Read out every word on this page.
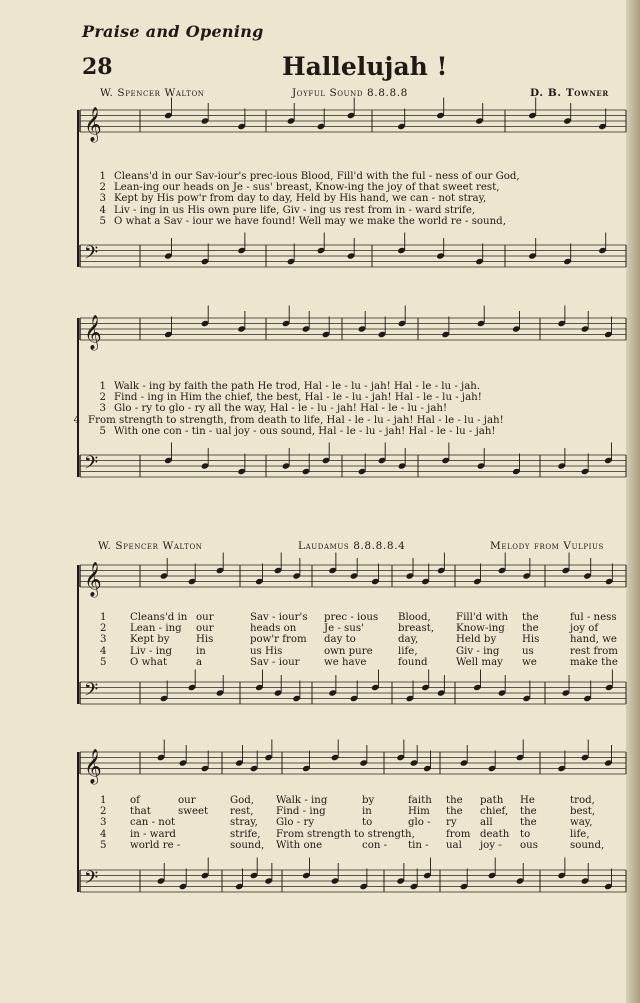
Praise and Opening
28	Hallelujah !
W. Spencer Walton	Joyful Sound 8.8.8.8	D. B. Towner
W. Spencer Walton	Laudamus 8.8.8.8.4	Melody from Vulpius
𝄞
𝄢
𝄞
𝄢
𝄞
𝄢
𝄞
𝄢
1 Cleans'd in our Sav-iour's prec-ious Blood, Fill'd with the ful - ness of our God,
2 Lean-ing our heads on Je - sus' breast, Know-ing the joy of that sweet rest,
3 Kept by His pow'r from day to day, Held by His hand, we can - not stray,
4 Liv - ing in us His own pure life, Giv - ing us rest from in - ward strife,
5 O what a Sav - iour we have found! Well may we make the world re - sound,
1 Walk - ing by faith the path He trod, Hal - le - lu - jah! Hal - le - lu - jah.
2 Find - ing in Him the chief, the best, Hal - le - lu - jah! Hal - le - lu - jah!
3 Glo - ry to glo - ry all the way, Hal - le - lu - jah! Hal - le - lu - jah!
4 From strength to strength, from death to life, Hal - le - lu - jah! Hal - le - lu - jah!
5 With one con - tin - ual joy - ous sound, Hal - le - lu - jah! Hal - le - lu - jah!
1 Cleans'd in our	Sav - iour's prec - ious Blood, Fill'd with the	ful - ness
2 Lean - ing our	heads on	Je - sus'	breast, Know-ing the	joy of
3 Kept by	His	pow'r from day to	day,	Held by	His	hand, we
4 Liv - ing in	us His	own pure life,	Giv - ing us	rest from
5 O what	a	Sav - iour we have	found	Well may we	make the
1 of	our	God, Walk - ing	by	faith the path He	trod,
2 that	sweet rest, Find - ing	in	Him the chief, the	best,
3 can - not	stray, Glo - ry	to	glo - ry all	the	way,
4 in - ward	strife, From strength to strength,	from death to	life,
5 world re -	sound, With one	con - tin - ual joy - ous	sound,
